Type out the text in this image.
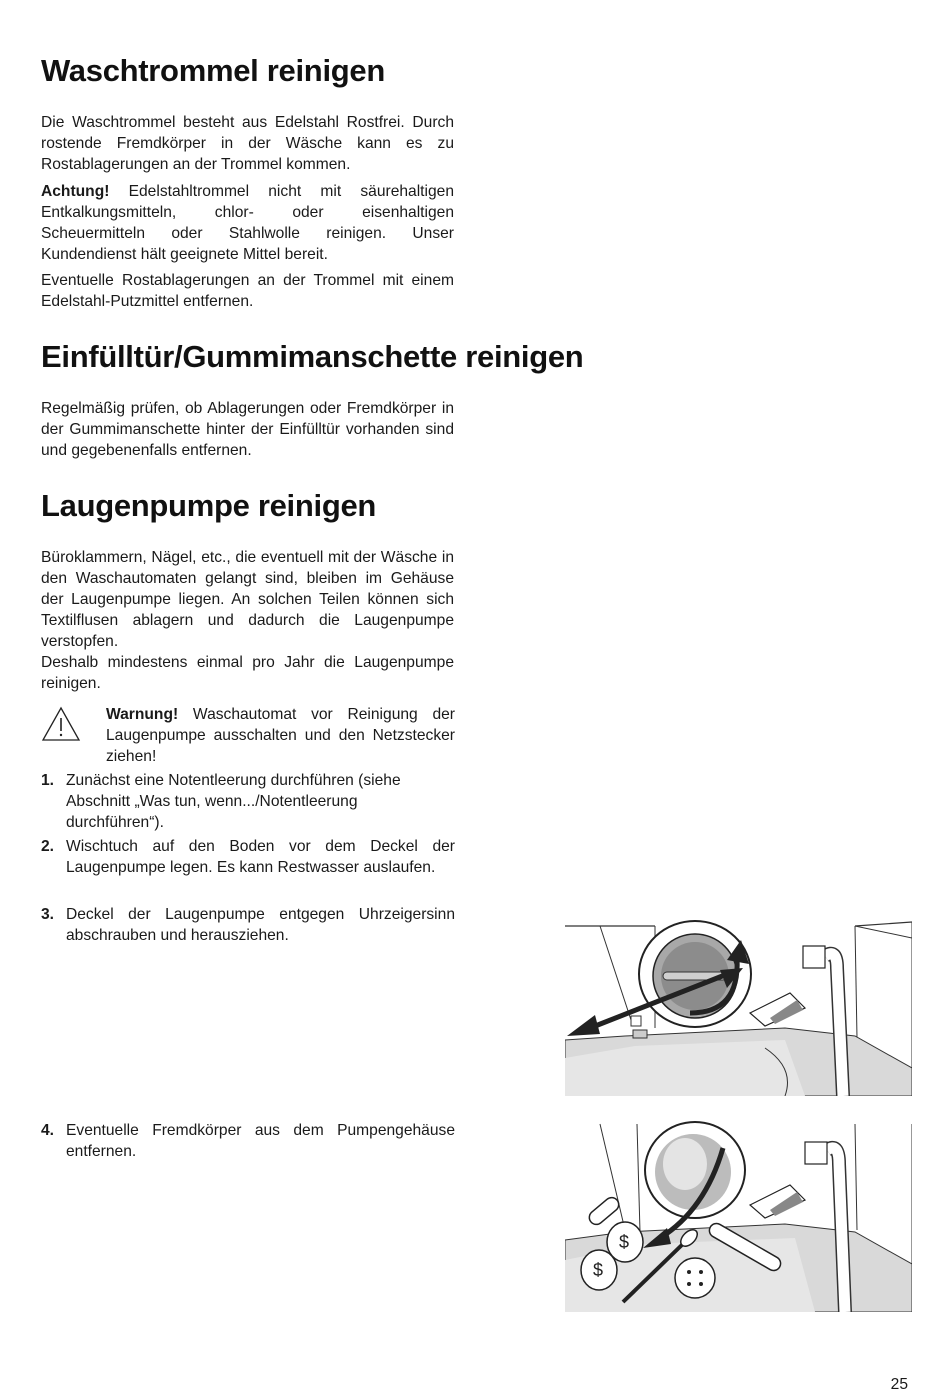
Waschtrommel reinigen

Die Waschtrommel besteht aus Edelstahl Rostfrei. Durch rostende Fremdkörper in der Wäsche kann es zu Rostablagerungen an der Trommel kommen.

Achtung! Edelstahltrommel nicht mit säurehaltigen Entkalkungsmitteln, chlor- oder eisenhaltigen Scheuermitteln oder Stahlwolle reinigen. Unser Kundendienst hält geeignete Mittel bereit.

Eventuelle Rostablagerungen an der Trommel mit einem Edelstahl-Putzmittel entfernen.

Einfülltür/Gummimanschette reinigen

Regelmäßig prüfen, ob Ablagerungen oder Fremdkörper in der Gummimanschette hinter der Einfülltür vorhanden sind und gegebenenfalls entfernen.

Laugenpumpe reinigen

Büroklammern, Nägel, etc., die eventuell mit der Wäsche in den Waschautomaten gelangt sind, bleiben im Gehäuse der Laugenpumpe liegen. An solchen Teilen können sich Textilflusen ablagern und dadurch die Laugenpumpe verstopfen.

Deshalb mindestens einmal pro Jahr die Laugenpumpe reinigen.

Warnung! Waschautomat vor Reinigung der Laugenpumpe ausschalten und den Netzstecker ziehen!
1. Zunächst eine Notentleerung durchführen (siehe Abschnitt „Was tun, wenn.../Notentleerung durchführen“).
2. Wischtuch auf den Boden vor dem Deckel der Laugenpumpe legen. Es kann Restwasser auslaufen.
3. Deckel der Laugenpumpe entgegen Uhrzeigersinn abschrauben und herausziehen.
4. Eventuelle Fremdkörper aus dem Pumpengehäuse entfernen.
$
$
25
